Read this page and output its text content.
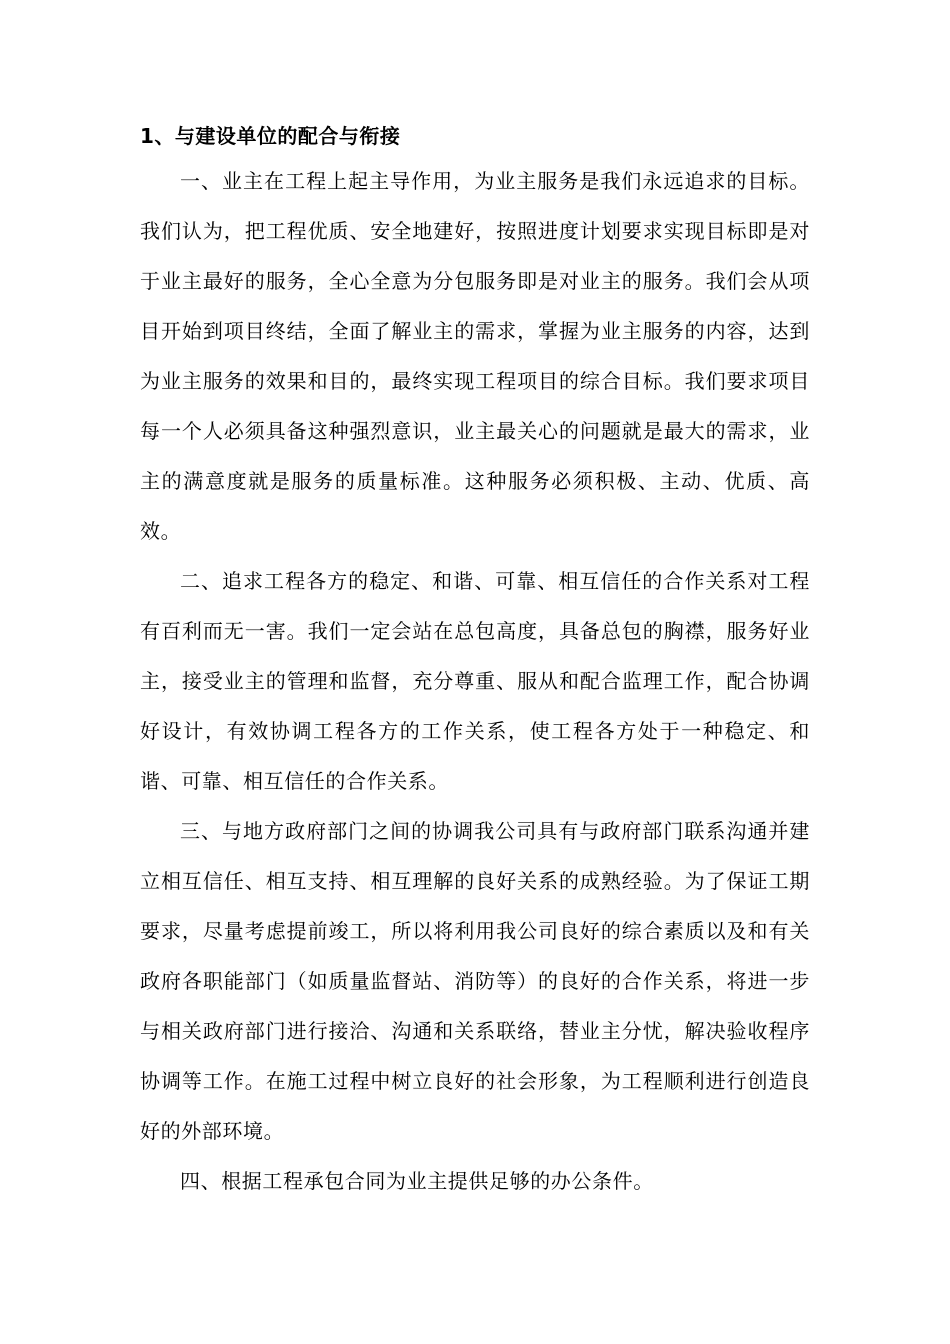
1、与建设单位的配合与衔接

一、业主在工程上起主导作用，为业主服务是我们永远追求的目标。我们认为，把工程优质、安全地建好，按照进度计划要求实现目标即是对于业主最好的服务，全心全意为分包服务即是对业主的服务。我们会从项目开始到项目终结，全面了解业主的需求，掌握为业主服务的内容，达到为业主服务的效果和目的，最终实现工程项目的综合目标。我们要求项目每一个人必须具备这种强烈意识，业主最关心的问题就是最大的需求，业主的满意度就是服务的质量标准。这种服务必须积极、主动、优质、高效。

二、追求工程各方的稳定、和谐、可靠、相互信任的合作关系对工程有百利而无一害。我们一定会站在总包高度，具备总包的胸襟，服务好业主，接受业主的管理和监督，充分尊重、服从和配合监理工作，配合协调好设计，有效协调工程各方的工作关系，使工程各方处于一种稳定、和谐、可靠、相互信任的合作关系。

三、与地方政府部门之间的协调我公司具有与政府部门联系沟通并建立相互信任、相互支持、相互理解的良好关系的成熟经验。为了保证工期要求，尽量考虑提前竣工，所以将利用我公司良好的综合素质以及和有关政府各职能部门（如质量监督站、消防等）的良好的合作关系，将进一步与相关政府部门进行接洽、沟通和关系联络，替业主分忧，解决验收程序协调等工作。在施工过程中树立良好的社会形象，为工程顺利进行创造良好的外部环境。

四、根据工程承包合同为业主提供足够的办公条件。
